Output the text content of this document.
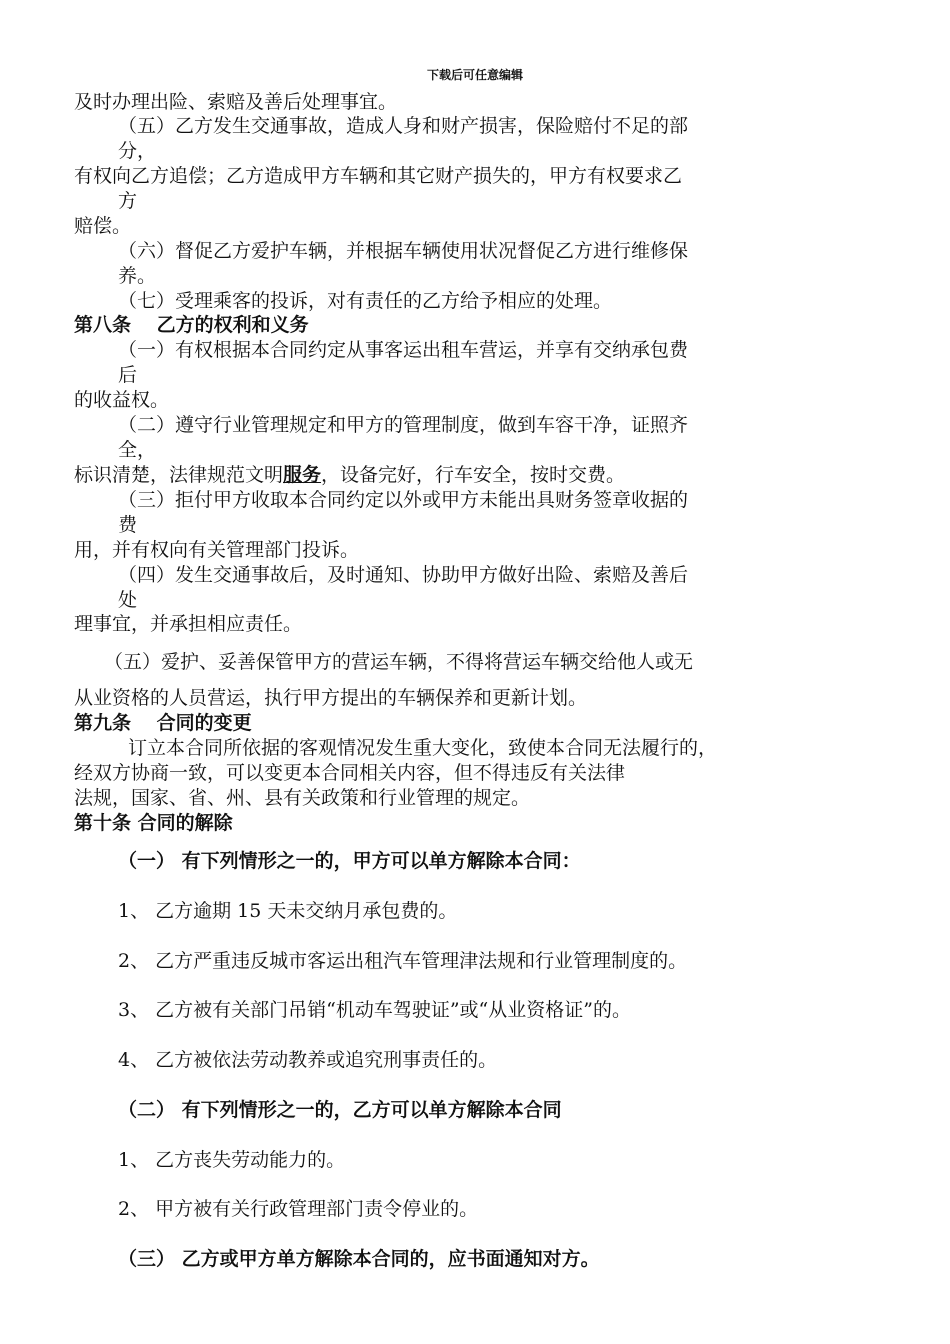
下载后可任意编辑
及时办理出险、索赔及善后处理事宜。
（五）乙方发生交通事故，造成人身和财产损害，保险赔付不足的部
分，
有权向乙方追偿；乙方造成甲方车辆和其它财产损失的，甲方有权要求乙
方
赔偿。
（六）督促乙方爱护车辆，并根据车辆使用状况督促乙方进行维修保
养。
（七）受理乘客的投诉，对有责任的乙方给予相应的处理。
第八条　 乙方的权利和义务
（一）有权根据本合同约定从事客运出租车营运，并享有交纳承包费
后
的收益权。
（二）遵守行业管理规定和甲方的管理制度，做到车容干净，证照齐
全，
标识清楚，法律规范文明服务，设备完好，行车安全，按时交费。
（三）拒付甲方收取本合同约定以外或甲方未能出具财务签章收据的
费
用，并有权向有关管理部门投诉。
（四）发生交通事故后，及时通知、协助甲方做好出险、索赔及善后
处
理事宜，并承担相应责任。
（五）爱护、妥善保管甲方的营运车辆，不得将营运车辆交给他人或无
从业资格的人员营运，执行甲方提出的车辆保养和更新计划。
第九条　 合同的变更
订立本合同所依据的客观情况发生重大变化，致使本合同无法履行的，
经双方协商一致，可以变更本合同相关内容，但不得违反有关法律
法规，国家、省、州、县有关政策和行业管理的规定。
第十条 合同的解除
（一） 有下列情形之一的，甲方可以单方解除本合同：
1、 乙方逾期 15 天未交纳月承包费的。
2、 乙方严重违反城市客运出租汽车管理津法规和行业管理制度的。
3、 乙方被有关部门吊销“机动车驾驶证”或“从业资格证”的。
4、 乙方被依法劳动教养或追究刑事责任的。
（二） 有下列情形之一的，乙方可以单方解除本合同
1、 乙方丧失劳动能力的。
2、 甲方被有关行政管理部门责令停业的。
（三） 乙方或甲方单方解除本合同的，应书面通知对方。
